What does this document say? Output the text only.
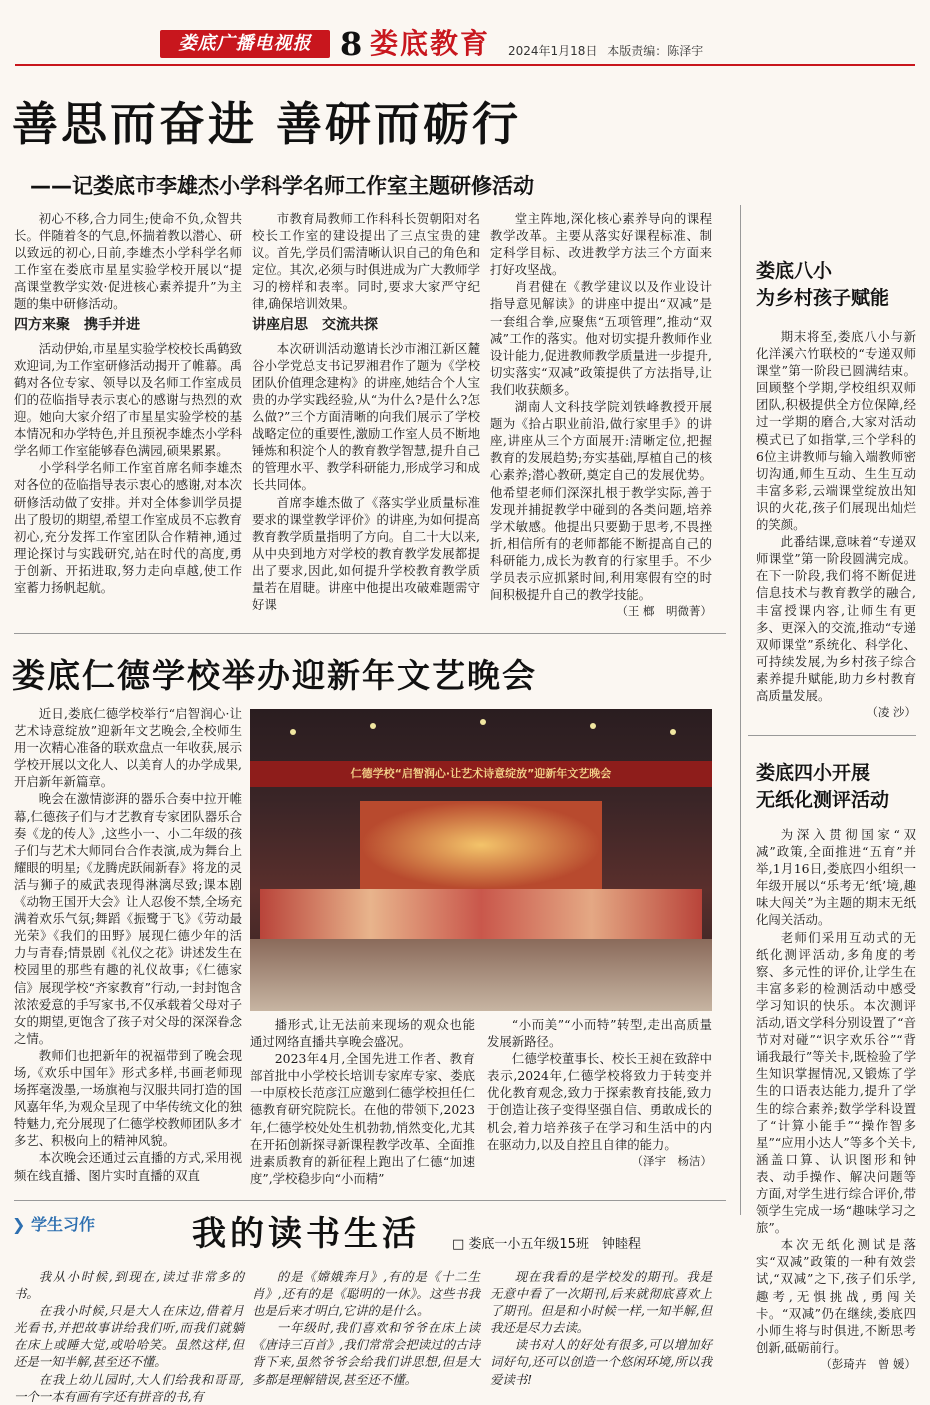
娄底广播电视报 8 娄底教育 2024年1月18日 本版责编：陈泽宇
善思而奋进 善研而砺行
——记娄底市李雄杰小学科学名师工作室主题研修活动

初心不移,合力同生;使命不负,众智共长。伴随着冬的气息,怀揣着教以潜心、研以致远的初心,日前,李雄杰小学科学名师工作室在娄底市星星实验学校开展以“提高课堂教学实效·促进核心素养提升”为主题的集中研修活动。

四方来聚　携手并进

活动伊始,市星星实验学校校长禹鹤致欢迎词,为工作室研修活动揭开了帷幕。禹鹤对各位专家、领导以及名师工作室成员们的莅临指导表示衷心的感谢与热烈的欢迎。她向大家介绍了市星星实验学校的基本情况和办学特色,并且预祝李雄杰小学科学名师工作室能够春色满园,硕果累累。

小学科学名师工作室首席名师李雄杰对各位的莅临指导表示衷心的感谢,对本次研修活动做了安排。并对全体参训学员提出了殷切的期望,希望工作室成员不忘教育初心,充分发挥工作室团队合作精神,通过理论探讨与实践研究,站在时代的高度,勇于创新、开拓进取,努力走向卓越,使工作室蓄力扬帆起航。

市教育局教师工作科科长贺朝阳对名校长工作室的建设提出了三点宝贵的建议。首先,学员们需清晰认识自己的角色和定位。其次,必须与时俱进成为广大教师学习的榜样和表率。同时,要求大家严守纪律,确保培训效果。

讲座启思　交流共探

本次研训活动邀请长沙市湘江新区麓谷小学党总支书记罗湘君作了题为《学校团队价值理念建构》的讲座,她结合个人宝贵的办学实践经验,从“为什么?是什么?怎么做?”三个方面清晰的向我们展示了学校战略定位的重要性,激励工作室人员不断地锤炼和积淀个人的教育教学智慧,提升自己的管理水平、教学科研能力,形成学习和成长共同体。

首席李雄杰做了《落实学业质量标准要求的课堂教学评价》的讲座,为如何提高教育教学质量指明了方向。自二十大以来,从中央到地方对学校的教育教学发展都提出了要求,因此,如何提升学校教育教学质量若在眉睫。讲座中他提出攻破难题需守好课

堂主阵地,深化核心素养导向的课程教学改革。主要从落实好课程标准、制定科学目标、改进教学方法三个方面来打好攻坚战。

肖君健在《教学建议以及作业设计指导意见解读》的讲座中提出“双减”是一套组合拳,应聚焦“五项管理”,推动“双减”工作的落实。他对切实提升教师作业设计能力,促进教师教学质量进一步提升,切实落实“双减”政策提供了方法指导,让我们收获颇多。

湖南人文科技学院刘铁峰教授开展题为《拾占职业前沿,做行家里手》的讲座,讲座从三个方面展开:清晰定位,把握教育的发展趋势;夯实基础,厚植自己的核心素养;潜心教研,奠定自己的发展优势。他希望老师们深深扎根于教学实际,善于发现并捕捉教学中碰到的各类问题,培养学术敏感。他提出只要勤于思考,不畏挫折,相信所有的老师都能不断提高自己的科研能力,成长为教育的行家里手。不少学员表示应抓紧时间,利用寒假有空的时间积极提升自己的教学技能。

（王 榔　明微菁）

娄底八小
为乡村孩子赋能

期末将至,娄底八小与新化洋溪六竹联校的“专递双师课堂”第一阶段已圆满结束。回顾整个学期,学校组织双师团队,积极提供全方位保障,经过一学期的磨合,大家对活动模式已了如指掌,三个学科的6位主讲教师与输入端教师密切沟通,师生互动、生生互动丰富多彩,云端课堂绽放出知识的火花,孩子们展现出灿烂的笑颜。

此番结课,意味着“专递双师课堂”第一阶段圆满完成。在下一阶段,我们将不断促进信息技术与教育教学的融合,丰富授课内容,让师生有更多、更深入的交流,推动“专递双师课堂”系统化、科学化、可持续发展,为乡村孩子综合素养提升赋能,助力乡村教育高质量发展。

（凌 沙）

娄底四小开展
无纸化测评活动

为深入贯彻国家“双减”政策,全面推进“五育”并举,1月16日,娄底四小组织一年级开展以“乐考无‘纸’境,趣味大闯关”为主题的期末无纸化闯关活动。

老师们采用互动式的无纸化测评活动,多角度的考察、多元性的评价,让学生在丰富多彩的检测活动中感受学习知识的快乐。本次测评活动,语文学科分别设置了“音节对对碰”“识字欢乐谷”“背诵我最行”等关卡,既检验了学生知识掌握情况,又锻炼了学生的口语表达能力,提升了学生的综合素养;数学学科设置了“计算小能手”“操作智多星”“应用小达人”等多个关卡,涵盖口算、认识图形和钟表、动手操作、解决问题等方面,对学生进行综合评价,带领学生完成一场“趣味学习之旅”。

本次无纸化测试是落实“双减”政策的一种有效尝试,“双减”之下,孩子们乐学,趣考,无惧挑战,勇闯关卡。“双减”仍在继续,娄底四小师生将与时俱进,不断思考创新,砥砺前行。

（彭琦卉　曾 媛）

娄底仁德学校举办迎新年文艺晚会
仁德学校“启智润心·让艺术诗意绽放”迎新年文艺晚会

近日,娄底仁德学校举行“启智润心·让艺术诗意绽放”迎新年文艺晚会,全校师生用一次精心准备的联欢盘点一年收获,展示学校开展以文化人、以美育人的办学成果,开启新年新篇章。

晚会在激情澎湃的器乐合奏中拉开帷幕,仁德孩子们与才艺教育专家团队器乐合奏《龙的传人》,这些小一、小二年级的孩子们与艺术大师同台合作表演,成为舞台上耀眼的明星;《龙腾虎跃闹新春》将龙的灵活与狮子的威武表现得淋漓尽致;课本剧《动物王国开大会》让人忍俊不禁,全场充满着欢乐气氛;舞蹈《振鹭于飞》《劳动最光荣》《我们的田野》展现仁德少年的活力与青春;情景剧《礼仪之花》讲述发生在校园里的那些有趣的礼仪故事;《仁德家信》展现学校“齐家教育”行动,一封封饱含浓浓爱意的手写家书,不仅承载着父母对子女的期望,更饱含了孩子对父母的深深眷念之情。

教师们也把新年的祝福带到了晚会现场,《欢乐中国年》形式多样,书画老师现场挥毫泼墨,一场旗袍与汉服共同打造的国风嘉年华,为观众呈现了中华传统文化的独特魅力,充分展现了仁德学校教师团队多才多艺、积极向上的精神风貌。

本次晚会还通过云直播的方式,采用视频在线直播、图片实时直播的双直

播形式,让无法前来现场的观众也能通过网络直播共享晚会盛况。

2023年4月,全国先进工作者、教育部首批中小学校长培训专家库专家、娄底一中原校长范彦江应邀到仁德学校担任仁德教育研究院院长。在他的带领下,2023年,仁德学校处处生机勃勃,悄然变化,尤其在开拓创新探寻新课程教学改革、全面推进素质教育的新征程上跑出了仁德“加速度”,学校稳步向“小而精”

“小而美”“小而特”转型,走出高质量发展新路径。

仁德学校董事长、校长王昶在致辞中表示,2024年,仁德学校将致力于转变并优化教育观念,致力于探索教育技能,致力于创造让孩子变得坚强自信、勇敢成长的机会,着力培养孩子在学习和生活中的内在驱动力,以及自控且自律的能力。

（泽宇　杨洁）

❯ 学生习作	我的读书生活 □ 娄底一小五年级15班　钟睦程

我从小时候,到现在,读过非常多的书。

在我小时候,只是大人在床边,借着月光看书,并把故事讲给我们听,而我们就躺在床上或睡大觉,或哈哈笑。虽然这样,但还是一知半解,甚至还不懂。

在我上幼儿园时,大人们给我和哥哥,一个一本有画有字还有拼音的书,有

的是《嫦娥奔月》,有的是《十二生肖》,还有的是《聪明的一休》。这些书我也是后来才明白,它讲的是什么。

一年级时,我们喜欢和爷爷在床上读《唐诗三百首》,我们常常会把读过的古诗背下来,虽然爷爷会给我们讲思想,但是大多都是理解错误,甚至还不懂。

现在我看的是学校发的期刊。我是无意中看了一次期刊,后来就彻底喜欢上了期刊。但是和小时候一样,一知半解,但我还是尽力去读。

读书对人的好处有很多,可以增加好词好句,还可以创造一个悠闲环境,所以我爱读书!
